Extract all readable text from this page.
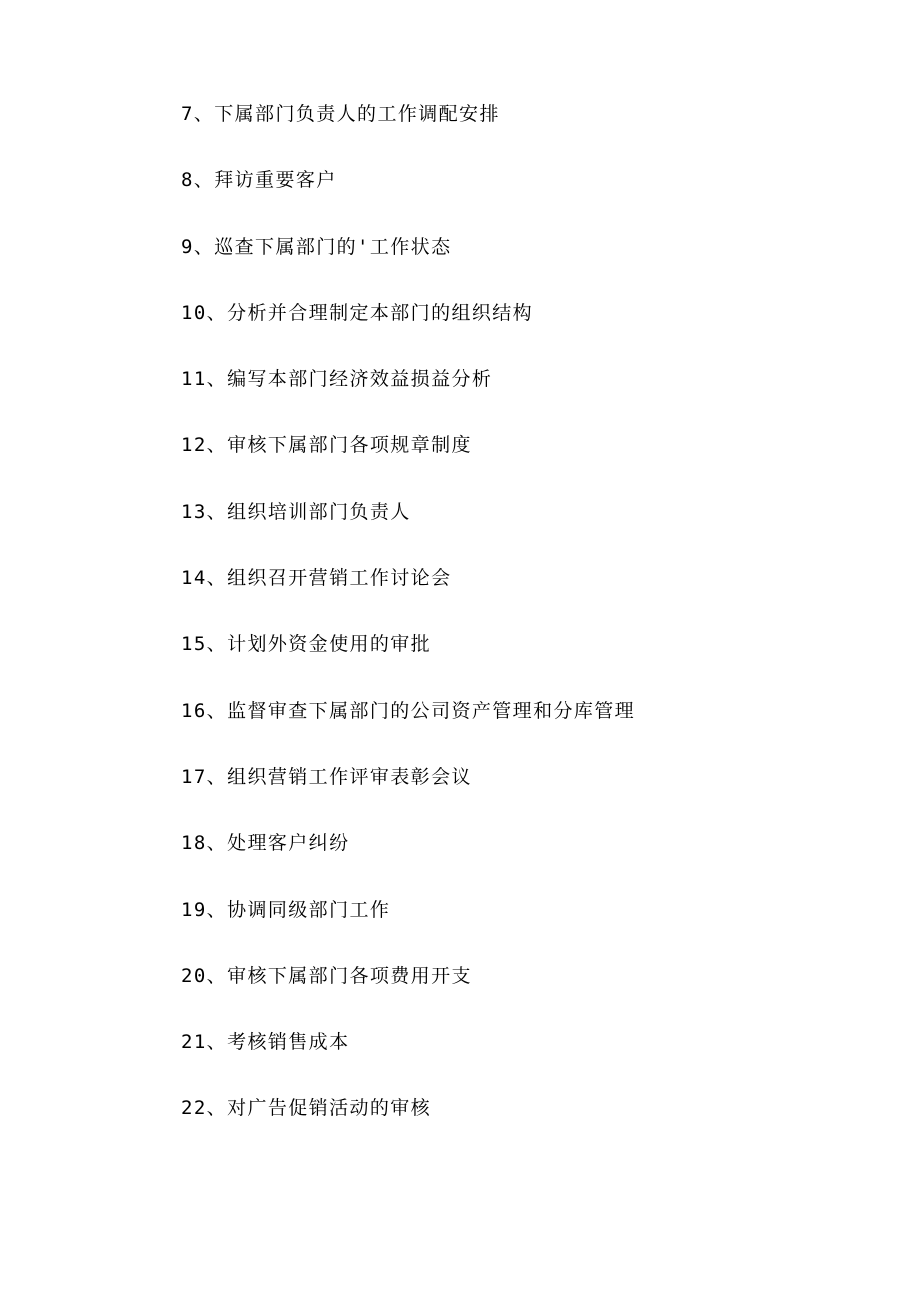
7、下属部门负责人的工作调配安排
8、拜访重要客户
9、巡查下属部门的'工作状态
10、分析并合理制定本部门的组织结构
11、编写本部门经济效益损益分析
12、审核下属部门各项规章制度
13、组织培训部门负责人
14、组织召开营销工作讨论会
15、计划外资金使用的审批
16、监督审查下属部门的公司资产管理和分库管理
17、组织营销工作评审表彰会议
18、处理客户纠纷
19、协调同级部门工作
20、审核下属部门各项费用开支
21、考核销售成本
22、对广告促销活动的审核
